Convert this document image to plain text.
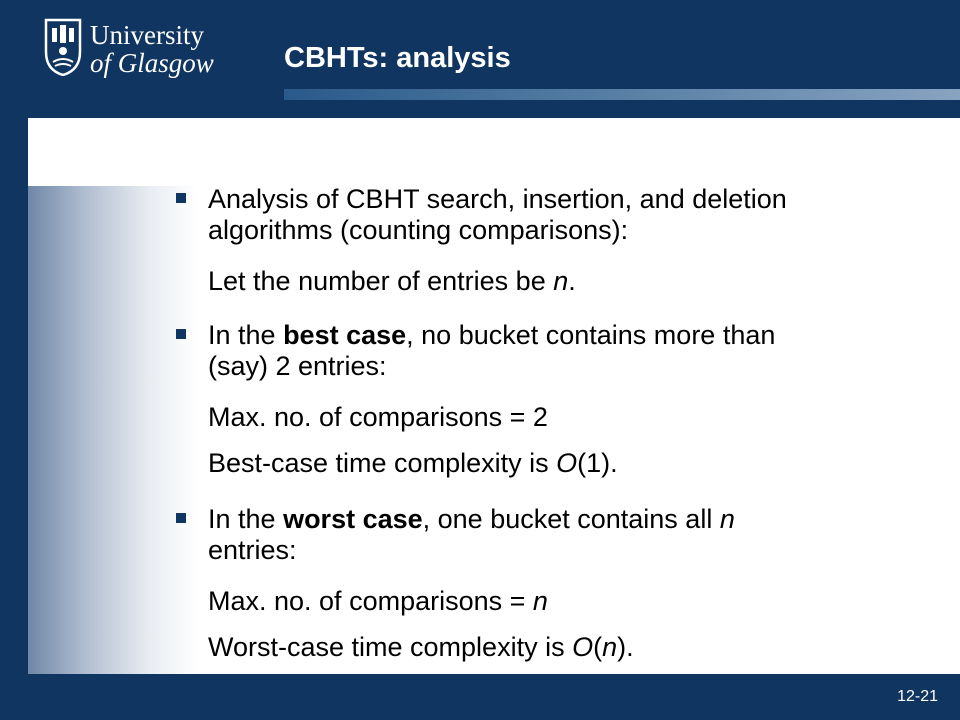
University
of Glasgow CBHTs: analysis
Analysis of CBHT search, insertion, and deletion
algorithms (counting comparisons):
Let the number of entries be n.
In the best case, no bucket contains more than
(say) 2 entries:
Max. no. of comparisons = 2
Best-case time complexity is O(1).
In the worst case, one bucket contains all n
entries:
Max. no. of comparisons = n
Worst-case time complexity is O(n).
12-21
